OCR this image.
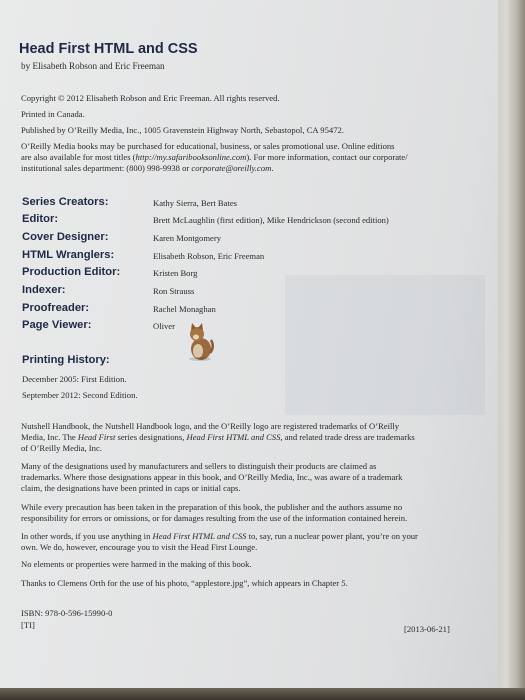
Head First HTML and CSS
by Elisabeth Robson and Eric Freeman

Copyright © 2012 Elisabeth Robson and Eric Freeman. All rights reserved.

Printed in Canada.

Published by O’Reilly Media, Inc., 1005 Gravenstein Highway North, Sebastopol, CA 95472.

O’Reilly Media books may be purchased for educational, business, or sales promotional use. Online editions
are also available for most titles (http://my.safaribooksonline.com). For more information, contact our corporate/
institutional sales department: (800) 998-9938 or corporate@oreilly.com.

Series Creators:	Kathy Sierra, Bert Bates
Editor:	Brett McLaughlin (first edition), Mike Hendrickson (second edition)
Cover Designer:	Karen Montgomery
HTML Wranglers:	Elisabeth Robson, Eric Freeman
Production Editor:	Kristen Borg
Indexer:	Ron Strauss
Proofreader:	Rachel Monaghan
Page Viewer:	Oliver
Printing History:
December 2005: First Edition.
September 2012: Second Edition.

Nutshell Handbook, the Nutshell Handbook logo, and the O’Reilly logo are registered trademarks of O’Reilly
Media, Inc. The Head First series designations, Head First HTML and CSS, and related trade dress are trademarks
of O’Reilly Media, Inc.

Many of the designations used by manufacturers and sellers to distinguish their products are claimed as
trademarks. Where those designations appear in this book, and O’Reilly Media, Inc., was aware of a trademark
claim, the designations have been printed in caps or initial caps.

While every precaution has been taken in the preparation of this book, the publisher and the authors assume no
responsibility for errors or omissions, or for damages resulting from the use of the information contained herein.

In other words, if you use anything in Head First HTML and CSS to, say, run a nuclear power plant, you’re on your
own. We do, however, encourage you to visit the Head First Lounge.

No elements or properties were harmed in the making of this book.

Thanks to Clemens Orth for the use of his photo, “applestore.jpg”, which appears in Chapter 5.

ISBN: 978-0-596-15990-0
[TI]	[2013-06-21]
